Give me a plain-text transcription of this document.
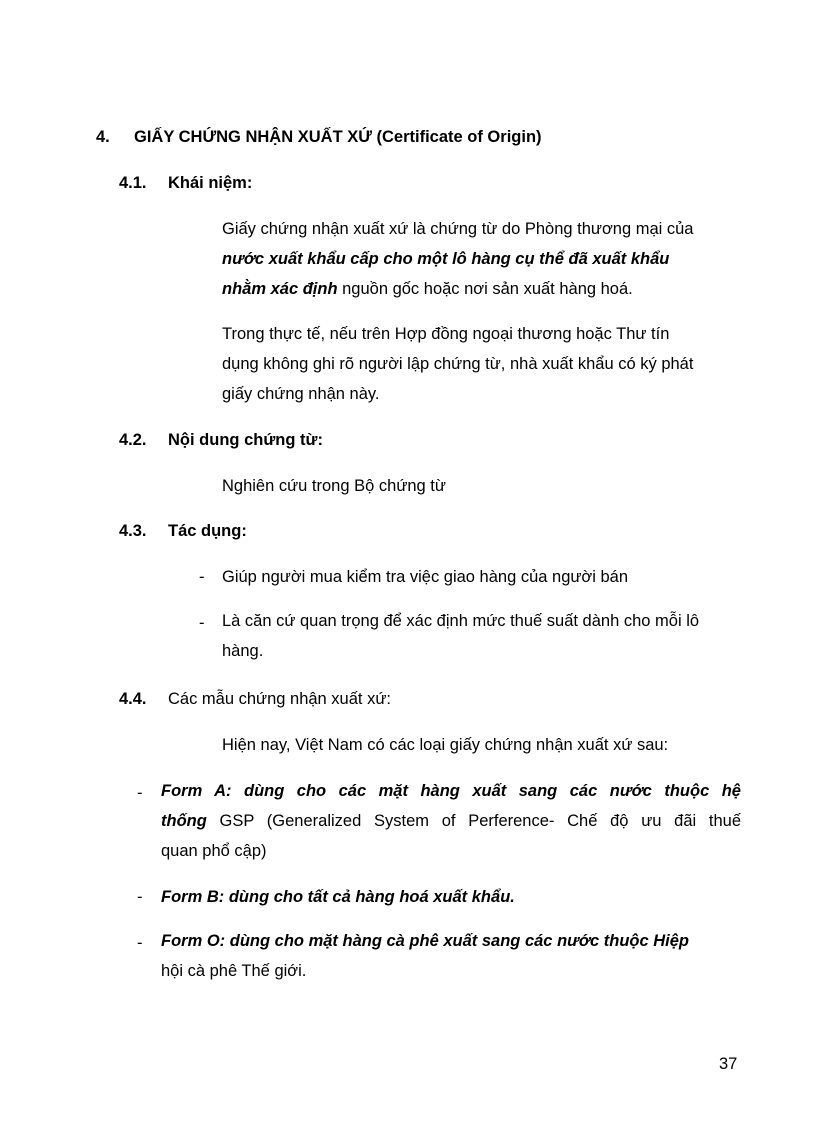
4. GIẤY CHỨNG NHẬN XUẤT XỨ (Certificate of Origin)
4.1. Khái niệm:
Giấy chứng nhận xuất xứ là chứng từ do Phòng thương mại của
nước xuất khẩu cấp cho một lô hàng cụ thể đã xuất khẩu
nhằm xác định nguồn gốc hoặc nơi sản xuất hàng hoá.
Trong thực tế, nếu trên Hợp đồng ngoại thương hoặc Thư tín
dụng không ghi rõ người lập chứng từ, nhà xuất khẩu có ký phát
giấy chứng nhận này.
4.2. Nội dung chứng từ:
Nghiên cứu trong Bộ chứng từ
4.3. Tác dụng:
- Giúp người mua kiểm tra việc giao hàng của người bán
- Là căn cứ quan trọng để xác định mức thuế suất dành cho mỗi lô
hàng.
4.4. Các mẫu chứng nhận xuất xứ:
Hiện nay, Việt Nam có các loại giấy chứng nhận xuất xứ sau:
- Form A: dùng cho các mặt hàng xuất sang các nước thuộc hệ
thống GSP (Generalized System of Perference- Chế độ ưu đãi thuế
quan phổ cập)
- Form B: dùng cho tất cả hàng hoá xuất khẩu.
- Form O: dùng cho mặt hàng cà phê xuất sang các nước thuộc Hiệp
hội cà phê Thế giới.
37
